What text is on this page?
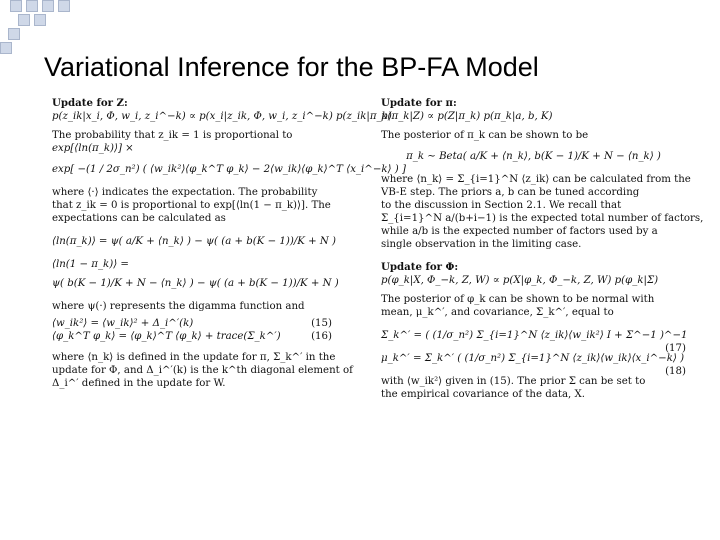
Variational Inference for the BP-FA Model
Update for Z:
p(z_ik|x_i, Φ, w_i, z_i^−k) ∝ p(x_i|z_ik, Φ, w_i, z_i^−k) p(z_ik|π_k)
The probability that z_ik = 1 is proportional to
exp[⟨ln(π_k)⟩] ×
exp[ −(1 / 2σ_n²) ( ⟨w_ik²⟩⟨φ_k^T φ_k⟩ − 2⟨w_ik⟩⟨φ_k⟩^T ⟨x_i^−k⟩ ) ]
where ⟨·⟩ indicates the expectation. The probability
that z_ik = 0 is proportional to exp[⟨ln(1 − π_k)⟩]. The
expectations can be calculated as
⟨ln(π_k)⟩ = ψ( a/K + ⟨n_k⟩ ) − ψ( (a + b(K − 1))/K + N )
⟨ln(1 − π_k)⟩ =
ψ( b(K − 1)/K + N − ⟨n_k⟩ ) − ψ( (a + b(K − 1))/K + N )
where ψ(·) represents the digamma function and
⟨w_ik²⟩ = ⟨w_ik⟩² + Δ_i^′(k)	(15)
⟨φ_k^T φ_k⟩ = ⟨φ_k⟩^T ⟨φ_k⟩ + trace(Σ_k^′)	(16)
where ⟨n_k⟩ is defined in the update for π, Σ_k^′ in the
update for Φ, and Δ_i^′(k) is the k^th diagonal element of
Δ_i^′ defined in the update for W.
Update for π:
p(π_k|Z) ∝ p(Z|π_k) p(π_k|a, b, K)
The posterior of π_k can be shown to be
π_k ∼ Beta( a/K + ⟨n_k⟩, b(K − 1)/K + N − ⟨n_k⟩ )
where ⟨n_k⟩ = Σ_{i=1}^N ⟨z_ik⟩ can be calculated from the
VB-E step. The priors a, b can be tuned according
to the discussion in Section 2.1. We recall that
Σ_{i=1}^N a/(b+i−1) is the expected total number of factors,
while a/b is the expected number of factors used by a
single observation in the limiting case.
Update for Φ:
p(φ_k|X, Φ_−k, Z, W) ∝ p(X|φ_k, Φ_−k, Z, W) p(φ_k|Σ)
The posterior of φ_k can be shown to be normal with
mean, μ_k^′, and covariance, Σ_k^′, equal to
Σ_k^′ = ( (1/σ_n²) Σ_{i=1}^N ⟨z_ik⟩⟨w_ik²⟩ I + Σ^−1 )^−1
(17)
μ_k^′ = Σ_k^′ ( (1/σ_n²) Σ_{i=1}^N ⟨z_ik⟩⟨w_ik⟩⟨x_i^−k⟩ )
(18)
with ⟨w_ik²⟩ given in (15). The prior Σ can be set to
the empirical covariance of the data, X.
